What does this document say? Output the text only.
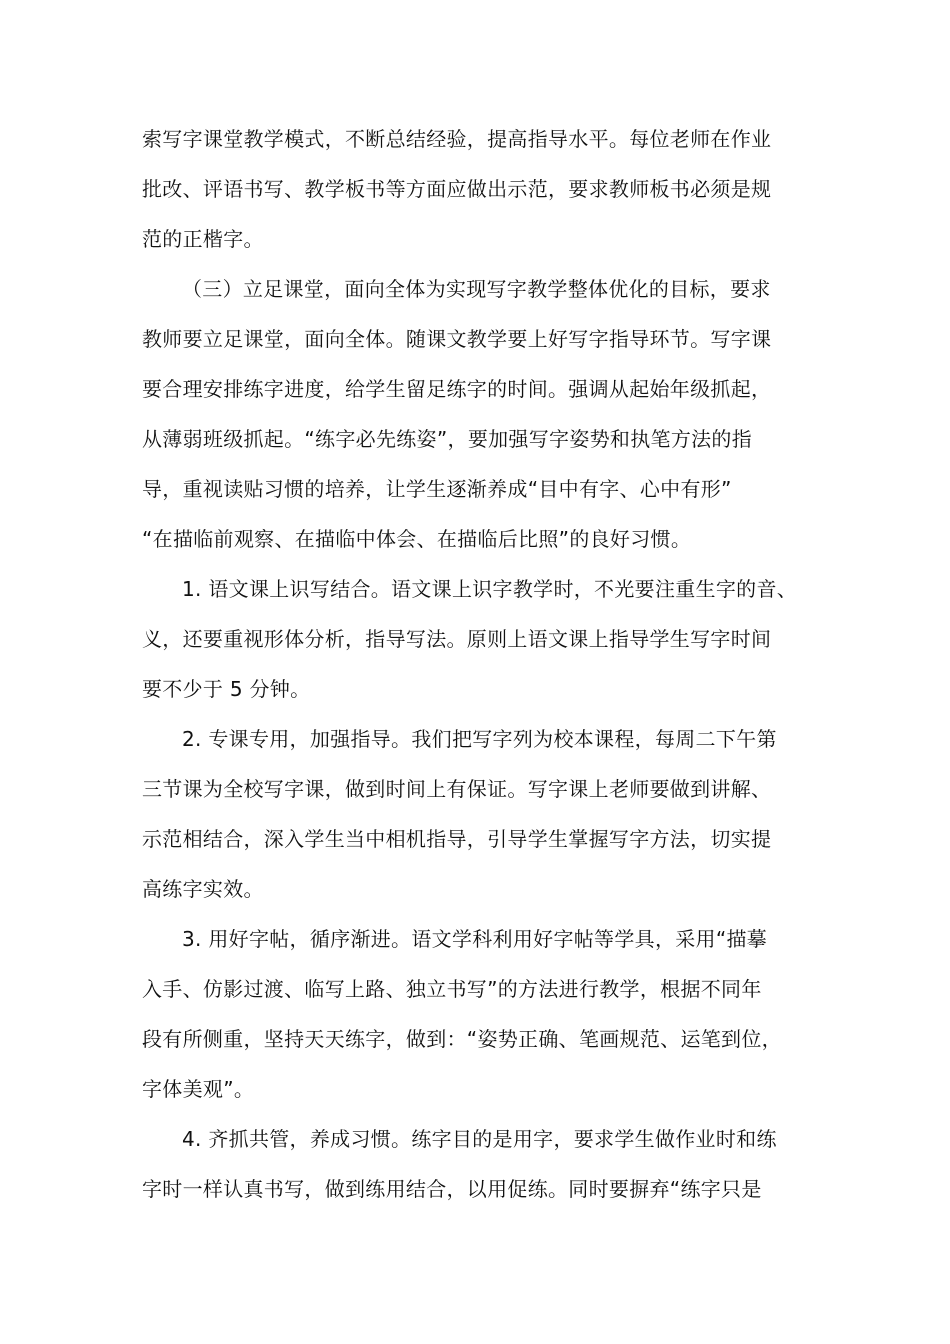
索写字课堂教学模式，不断总结经验，提高指导水平。每位老师在作业
批改、评语书写、教学板书等方面应做出示范，要求教师板书必须是规
范的正楷字。
（三）立足课堂，面向全体为实现写字教学整体优化的目标，要求
教师要立足课堂，面向全体。随课文教学要上好写字指导环节。写字课
要合理安排练字进度，给学生留足练字的时间。强调从起始年级抓起，
从薄弱班级抓起。“练字必先练姿”，要加强写字姿势和执笔方法的指
导，重视读贴习惯的培养，让学生逐渐养成“目中有字、心中有形”
“在描临前观察、在描临中体会、在描临后比照”的良好习惯。
1. 语文课上识写结合。语文课上识字教学时，不光要注重生字的音、
义，还要重视形体分析，指导写法。原则上语文课上指导学生写字时间
要不少于 5 分钟。
2. 专课专用，加强指导。我们把写字列为校本课程，每周二下午第
三节课为全校写字课，做到时间上有保证。写字课上老师要做到讲解、
示范相结合，深入学生当中相机指导，引导学生掌握写字方法，切实提
高练字实效。
3. 用好字帖，循序渐进。语文学科利用好字帖等学具，采用“描摹
入手、仿影过渡、临写上路、独立书写”的方法进行教学，根据不同年
段有所侧重，坚持天天练字，做到：“姿势正确、笔画规范、运笔到位，
字体美观”。
4. 齐抓共管，养成习惯。练字目的是用字，要求学生做作业时和练
字时一样认真书写，做到练用结合，以用促练。同时要摒弃“练字只是
